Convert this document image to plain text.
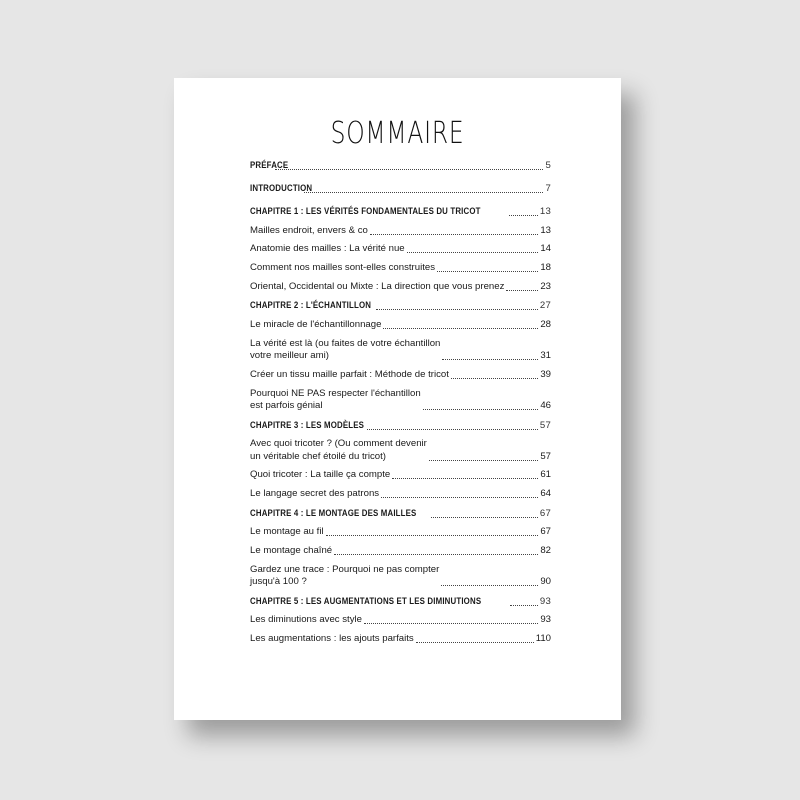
SOMMAIRE
PRÉFACE	5
INTRODUCTION	7
CHAPITRE 1 : LES VÉRITÉS FONDAMENTALES DU TRICOT	13
Mailles endroit, envers & co	13
Anatomie des mailles : La vérité nue	14
Comment nos mailles sont-elles construites	18
Oriental, Occidental ou Mixte : La direction que vous prenez	23
CHAPITRE 2 : L'ÉCHANTILLON	27
Le miracle de l'échantillonnage	28
La vérité est là (ou faites de votre échantillon
votre meilleur ami)	31
Créer un tissu maille parfait : Méthode de tricot	39
Pourquoi NE PAS respecter l'échantillon
est parfois génial	46
CHAPITRE 3 : LES MODÈLES	57
Avec quoi tricoter ? (Ou comment devenir
un véritable chef étoilé du tricot)	57
Quoi tricoter : La taille ça compte	61
Le langage secret des patrons	64
CHAPITRE 4 : LE MONTAGE DES MAILLES	67
Le montage au fil	67
Le montage chaîné	82
Gardez une trace : Pourquoi ne pas compter
jusqu'à 100 ?	90
CHAPITRE 5 : LES AUGMENTATIONS ET LES DIMINUTIONS	93
Les diminutions avec style	93
Les augmentations : les ajouts parfaits	110
